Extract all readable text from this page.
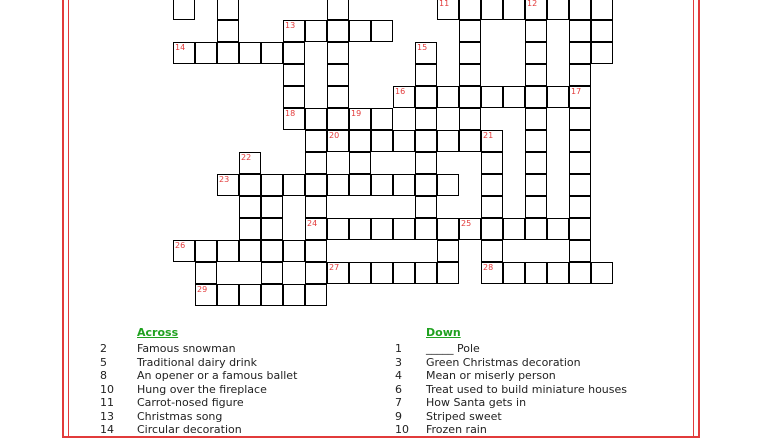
11	12
13
14	15
16	17
18	19
20	21
22
23
24	25
26
27	28
29
Across	Down
2	Famous snowman
5	Traditional dairy drink
8	An opener or a famous ballet
10 Hung over the fireplace
11 Carrot-nosed figure
13 Christmas song
14 Circular decoration
1 _____ Pole
3 Green Christmas decoration
4 Mean or miserly person
6 Treat used to build miniature houses
7 How Santa gets in
9 Striped sweet
10 Frozen rain
